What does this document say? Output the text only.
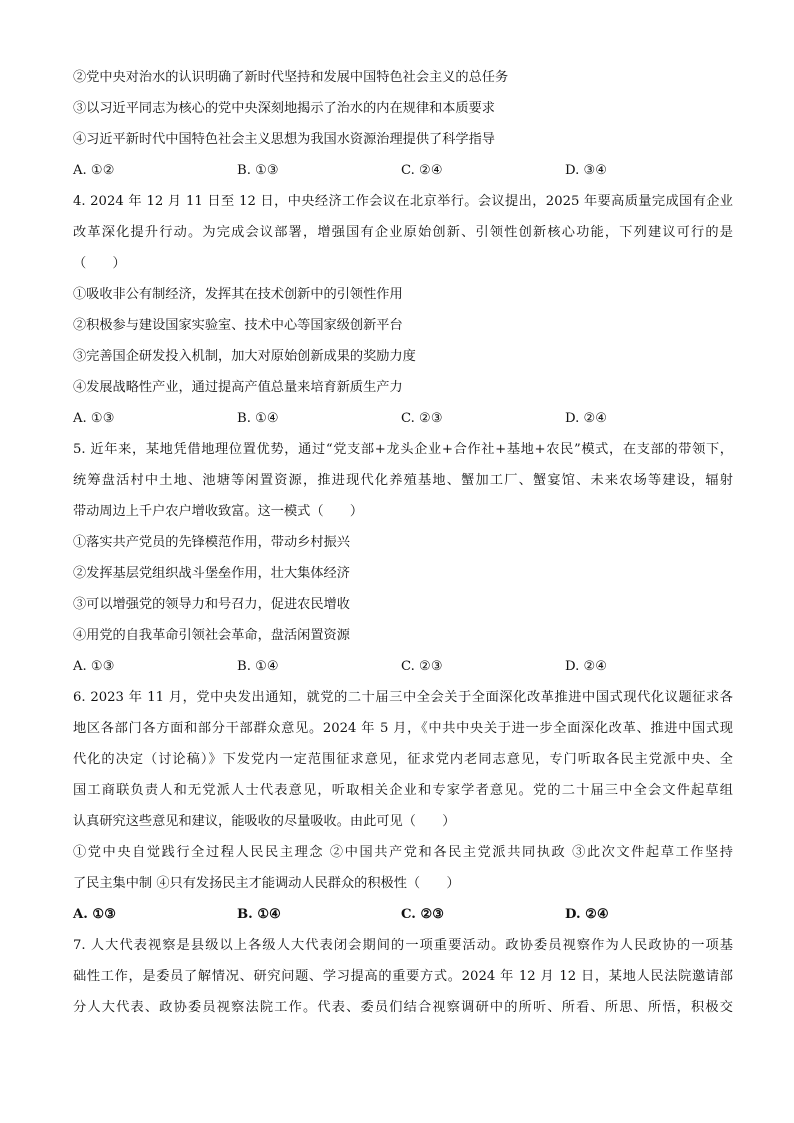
②党中央对治水的认识明确了新时代坚持和发展中国特色社会主义的总任务
③以习近平同志为核心的党中央深刻地揭示了治水的内在规律和本质要求
④习近平新时代中国特色社会主义思想为我国水资源治理提供了科学指导
A. ①②	B. ①③	C. ②④	D. ③④
4. 2024 年 12 月 11 日至 12 日，中央经济工作会议在北京举行。会议提出，2025 年要高质量完成国有企业
改革深化提升行动。为完成会议部署，增强国有企业原始创新、引领性创新核心功能，下列建议可行的是
（　　）
①吸收非公有制经济，发挥其在技术创新中的引领性作用
②积极参与建设国家实验室、技术中心等国家级创新平台
③完善国企研发投入机制，加大对原始创新成果的奖励力度
④发展战略性产业，通过提高产值总量来培育新质生产力
A. ①③	B. ①④	C. ②③	D. ②④
5. 近年来，某地凭借地理位置优势，通过“党支部+龙头企业+合作社+基地+农民”模式，在支部的带领下，
统筹盘活村中土地、池塘等闲置资源，推进现代化养殖基地、蟹加工厂、蟹宴馆、未来农场等建设，辐射
带动周边上千户农户增收致富。这一模式（　　）
①落实共产党员的先锋模范作用，带动乡村振兴
②发挥基层党组织战斗堡垒作用，壮大集体经济
③可以增强党的领导力和号召力，促进农民增收
④用党的自我革命引领社会革命，盘活闲置资源
A. ①③	B. ①④	C. ②③	D. ②④
6. 2023 年 11 月，党中央发出通知，就党的二十届三中全会关于全面深化改革推进中国式现代化议题征求各
地区各部门各方面和部分干部群众意见。2024 年 5 月，《中共中央关于进一步全面深化改革、推进中国式现
代化的决定（讨论稿）》下发党内一定范围征求意见，征求党内老同志意见，专门听取各民主党派中央、全
国工商联负责人和无党派人士代表意见，听取相关企业和专家学者意见。党的二十届三中全会文件起草组
认真研究这些意见和建议，能吸收的尽量吸收。由此可见（　　）
①党中央自觉践行全过程人民民主理念 ②中国共产党和各民主党派共同执政 ③此次文件起草工作坚持
了民主集中制 ④只有发扬民主才能调动人民群众的积极性（　　）
A. ①③	B. ①④	C. ②③	D. ②④
7. 人大代表视察是县级以上各级人大代表闭会期间的一项重要活动。政协委员视察作为人民政协的一项基
础性工作，是委员了解情况、研究问题、学习提高的重要方式。2024 年 12 月 12 日，某地人民法院邀请部
分人大代表、政协委员视察法院工作。代表、委员们结合视察调研中的所听、所看、所思、所悟，积极交
